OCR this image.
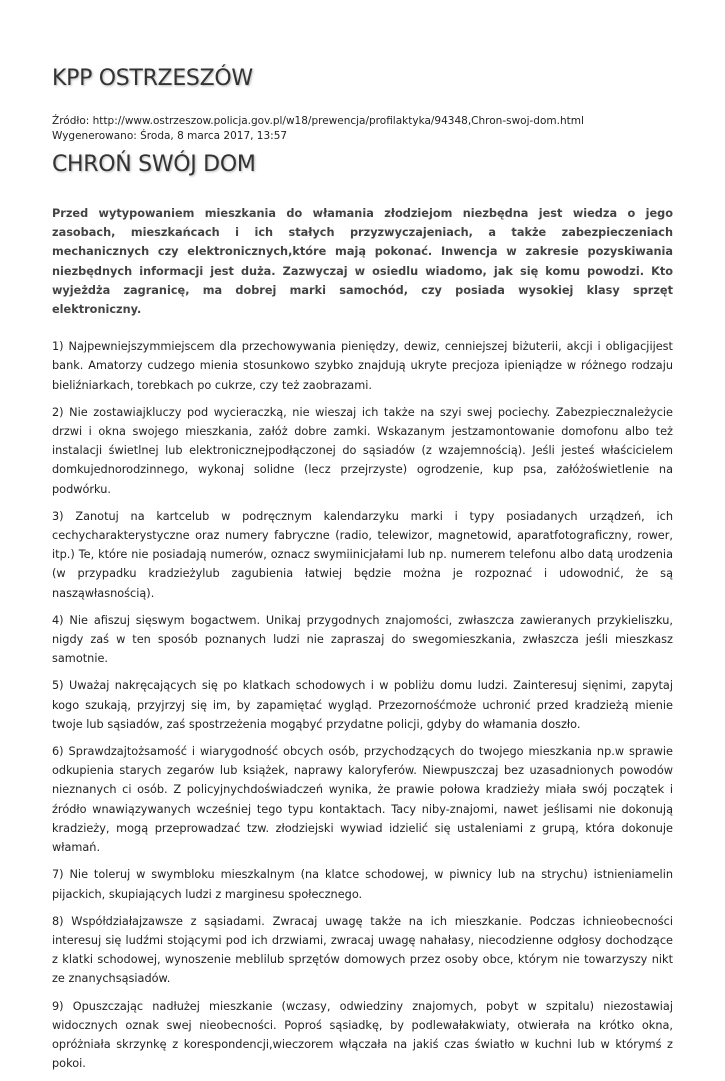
KPP OSTRZESZÓW
Źródło: http://www.ostrzeszow.policja.gov.pl/w18/prewencja/profilaktyka/94348,Chron-swoj-dom.html
Wygenerowano: Środa, 8 marca 2017, 13:57
CHROŃ SWÓJ DOM

Przed wytypowaniem mieszkania do włamania złodziejom niezbędna jest wiedza o jego zasobach, mieszkańcach i ich stałych przyzwyczajeniach, a także zabezpieczeniach mechanicznych czy elektronicznych,które mają pokonać. Inwencja w zakresie pozyskiwania niezbędnych informacji jest duża. Zazwyczaj w osiedlu wiadomo, jak się komu powodzi. Kto wyjeżdża zagranicę, ma dobrej marki samochód, czy posiada wysokiej klasy sprzęt elektroniczny.

1) Najpewniejszymmiejscem dla przechowywania pieniędzy, dewiz, cenniejszej biżuterii, akcji i obligacjijest bank. Amatorzy cudzego mienia stosunkowo szybko znajdują ukryte precjoza ipieniądze w różnego rodzaju bieliźniarkach, torebkach po cukrze, czy też zaobrazami.

2) Nie zostawiajkluczy pod wycieraczką, nie wieszaj ich także na szyi swej pociechy. Zabezpiecznależycie drzwi i okna swojego mieszkania, załóż dobre zamki. Wskazanym jestzamontowanie domofonu albo też instalacji świetlnej lub elektronicznejpodłączonej do sąsiadów (z wzajemnością). Jeśli jesteś właścicielem domkujednorodzinnego, wykonaj solidne (lecz przejrzyste) ogrodzenie, kup psa, załóżoświetlenie na podwórku.

3) Zanotuj na kartcelub w podręcznym kalendarzyku marki i typy posiadanych urządzeń, ich cechycharakterystyczne oraz numery fabryczne (radio, telewizor, magnetowid, aparatfotograficzny, rower, itp.) Te, które nie posiadają numerów, oznacz swymiinicjałami lub np. numerem telefonu albo datą urodzenia (w przypadku kradzieżylub zagubienia łatwiej będzie można je rozpoznać i udowodnić, że są nasząwłasnością).

4) Nie afiszuj sięswym bogactwem. Unikaj przygodnych znajomości, zwłaszcza zawieranych przykieliszku, nigdy zaś w ten sposób poznanych ludzi nie zapraszaj do swegomieszkania, zwłaszcza jeśli mieszkasz samotnie.

5) Uważaj nakręcających się po klatkach schodowych i w pobliżu domu ludzi. Zainteresuj sięnimi, zapytaj kogo szukają, przyjrzyj się im, by zapamiętać wygląd. Przezornośćmoże uchronić przed kradzieżą mienie twoje lub sąsiadów, zaś spostrzeżenia mogąbyć przydatne policji, gdyby do włamania doszło.

6) Sprawdzajtożsamość i wiarygodność obcych osób, przychodzących do twojego mieszkania np.w sprawie odkupienia starych zegarów lub książek, naprawy kaloryferów. Niewpuszczaj bez uzasadnionych powodów nieznanych ci osób. Z policyjnychdoświadczeń wynika, że prawie połowa kradzieży miała swój początek i źródło wnawiązywanych wcześniej tego typu kontaktach. Tacy niby-znajomi, nawet jeślisami nie dokonują kradzieży, mogą przeprowadzać tzw. złodziejski wywiad idzielić się ustaleniami z grupą, która dokonuje włamań.

7) Nie toleruj w swymbloku mieszkalnym (na klatce schodowej, w piwnicy lub na strychu) istnieniamelin pijackich, skupiających ludzi z marginesu społecznego.

8) Współdziałajzawsze z sąsiadami. Zwracaj uwagę także na ich mieszkanie. Podczas ichnieobecności interesuj się ludźmi stojącymi pod ich drzwiami, zwracaj uwagę nahałasy, niecodzienne odgłosy dochodzące z klatki schodowej, wynoszenie meblilub sprzętów domowych przez osoby obce, którym nie towarzyszy nikt ze znanychsąsiadów.

9) Opuszczając nadłużej mieszkanie (wczasy, odwiedziny znajomych, pobyt w szpitalu) niezostawiaj widocznych oznak swej nieobecności. Poproś sąsiadkę, by podlewałakwiaty, otwierała na krótko okna, opróżniała skrzynkę z korespondencji,wieczorem włączała na jakiś czas światło w kuchni lub w którymś z pokoi.
